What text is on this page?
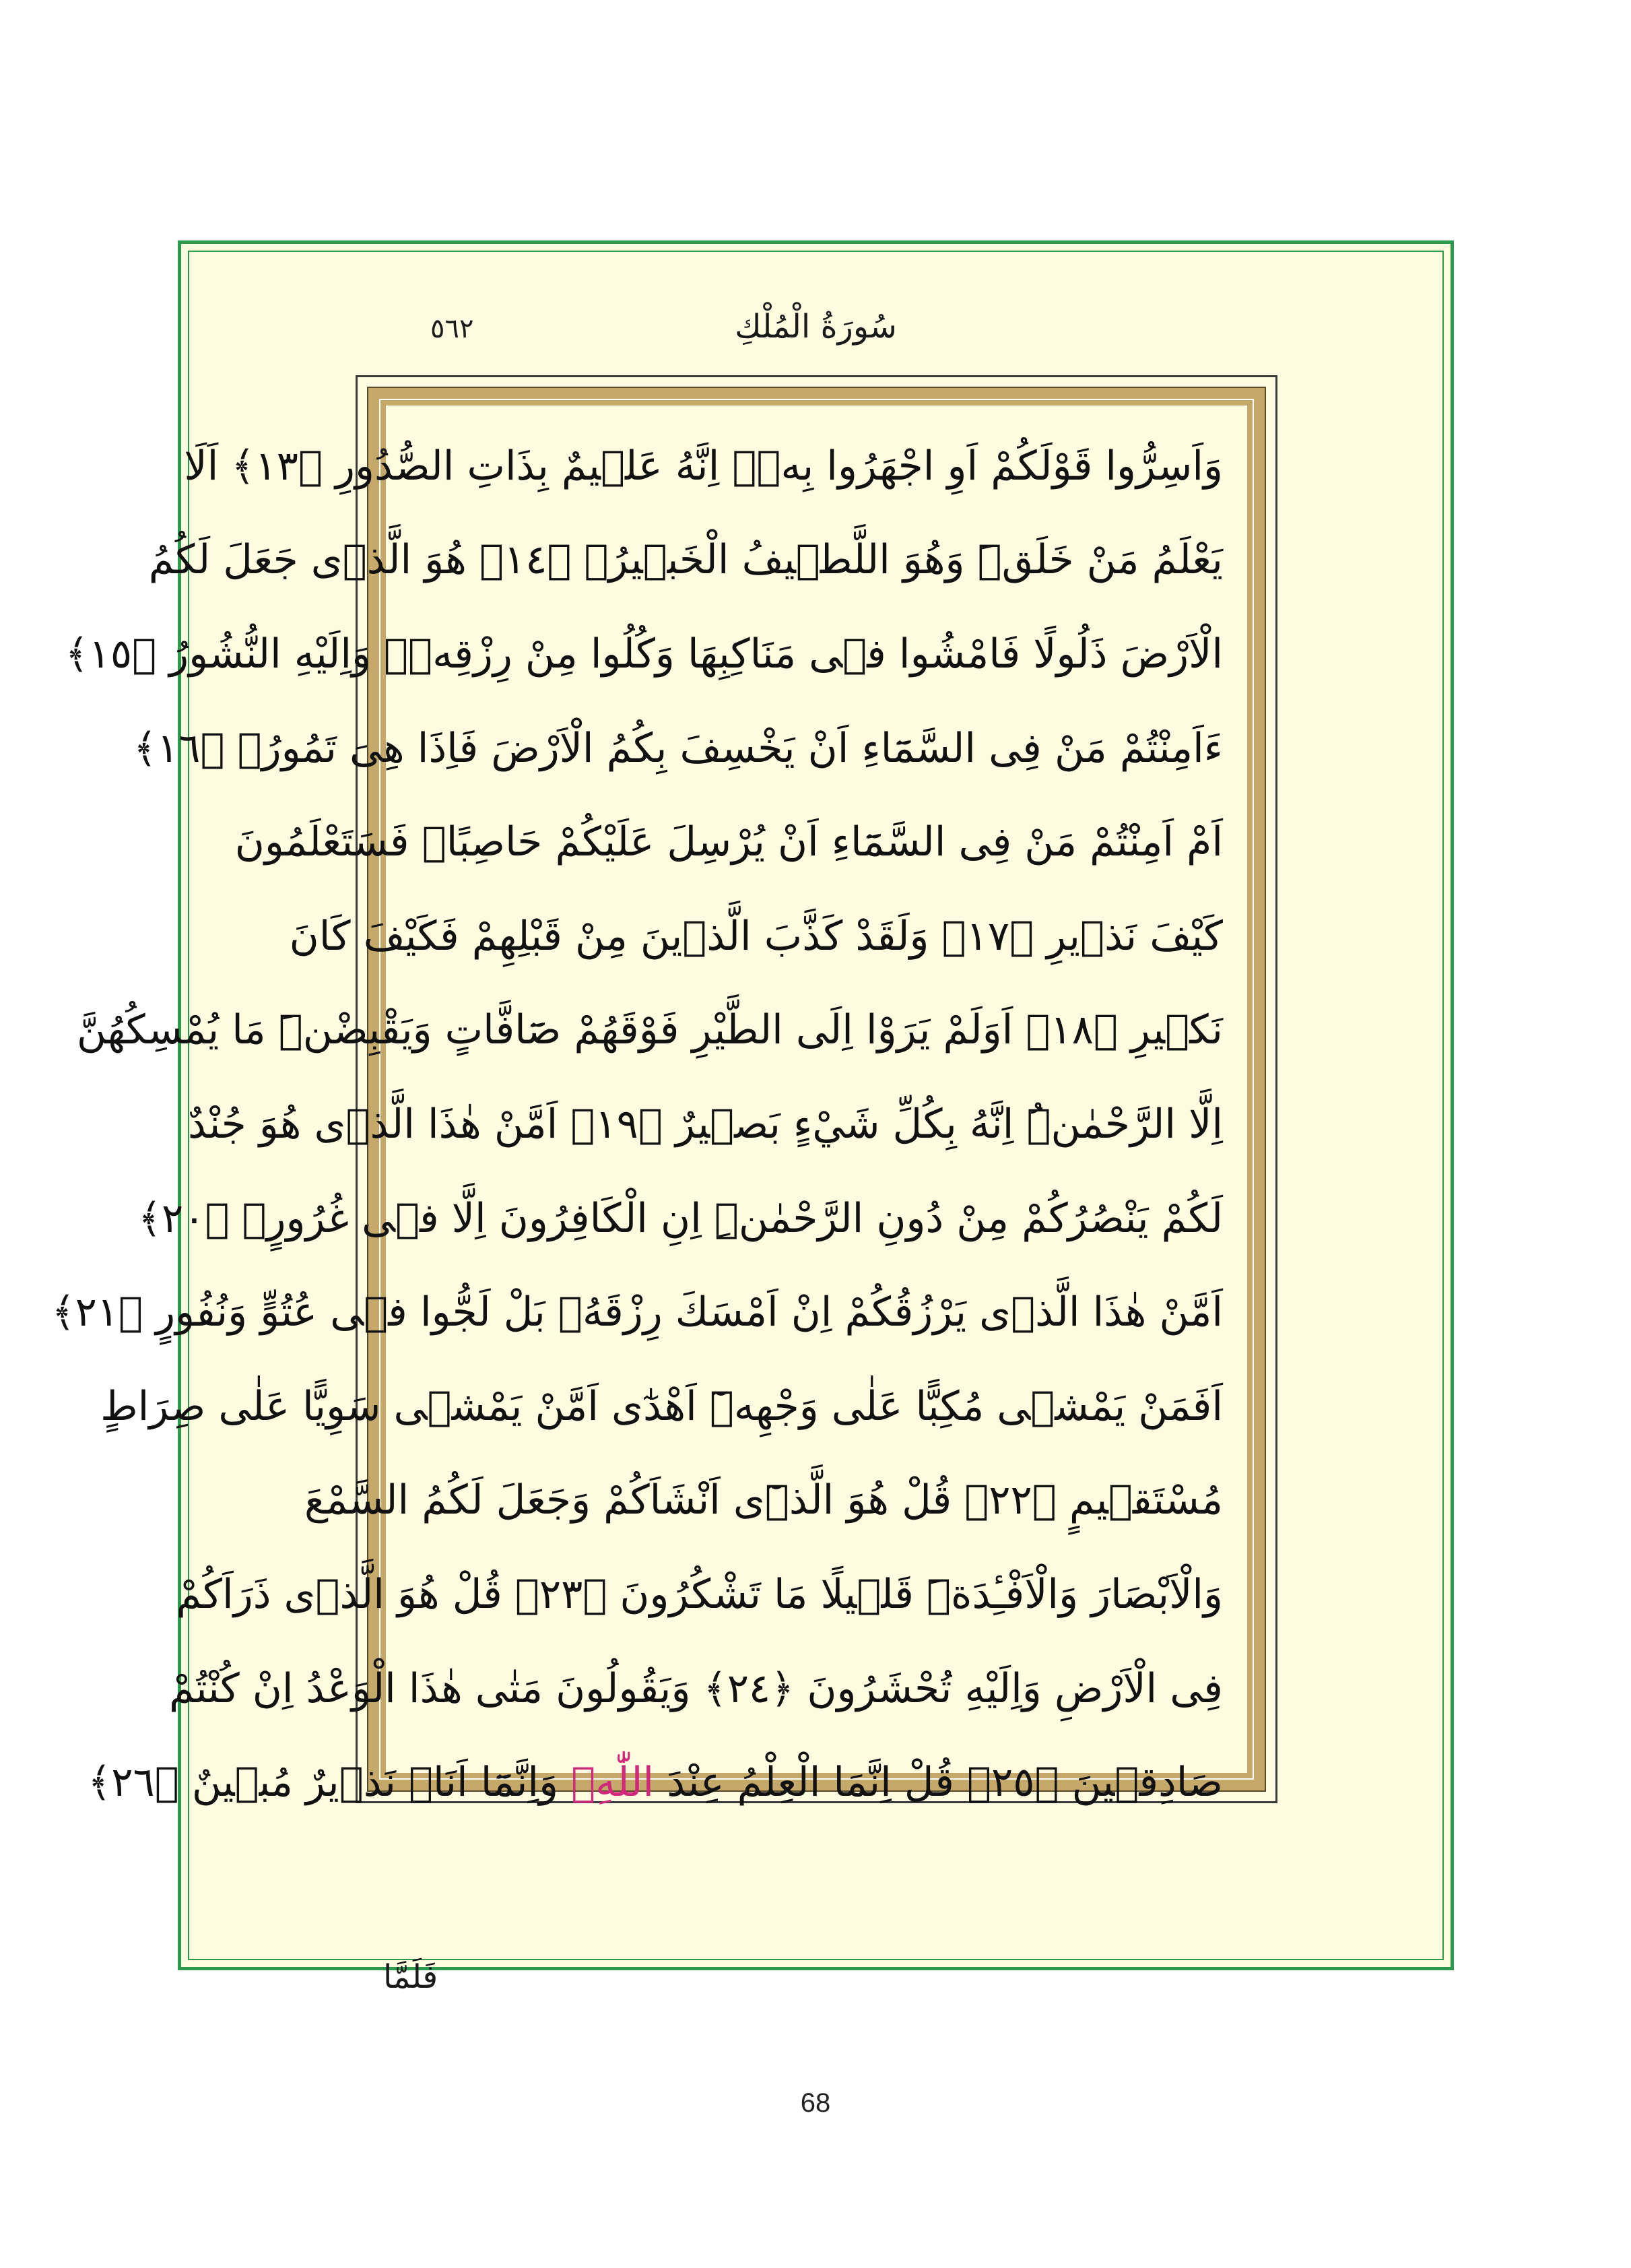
سُورَةُ الْمُلْكِ
٥٦٢
وَاَسِرُّوا قَوْلَكُمْ اَوِ اجْهَرُوا بِهٖۜ اِنَّهُ عَلٖيمٌ بِذَاتِ الصُّدُورِ ﴿١٣﴾ اَلَا
يَعْلَمُ مَنْ خَلَقَۜ وَهُوَ اللَّطٖيفُ الْخَبٖيرُ۟ ﴿١٤﴾ هُوَ الَّذٖى جَعَلَ لَكُمُ
الْاَرْضَ ذَلُولًا فَامْشُوا فٖى مَنَاكِبِهَا وَكُلُوا مِنْ رِزْقِهٖۜ وَاِلَيْهِ النُّشُورُ ﴿١٥﴾
ءَاَمِنْتُمْ مَنْ فِى السَّمَٓاءِ اَنْ يَخْسِفَ بِكُمُ الْاَرْضَ فَاِذَا هِىَ تَمُورُۙ ﴿١٦﴾
اَمْ اَمِنْتُمْ مَنْ فِى السَّمَٓاءِ اَنْ يُرْسِلَ عَلَيْكُمْ حَاصِبًاۜ فَسَتَعْلَمُونَ
كَيْفَ نَذٖيرِ ﴿١٧﴾ وَلَقَدْ كَذَّبَ الَّذٖينَ مِنْ قَبْلِهِمْ فَكَيْفَ كَانَ
نَكٖيرِ ﴿١٨﴾ اَوَلَمْ يَرَوْا اِلَى الطَّيْرِ فَوْقَهُمْ صَٓافَّاتٍ وَيَقْبِضْنَۜ مَا يُمْسِكُهُنَّ
اِلَّا الرَّحْمٰنُۜ اِنَّهُ بِكُلِّ شَيْءٍ بَصٖيرٌ ﴿١٩﴾ اَمَّنْ هٰذَا الَّذٖى هُوَ جُنْدٌ
لَكُمْ يَنْصُرُكُمْ مِنْ دُونِ الرَّحْمٰنِۜ اِنِ الْكَافِرُونَ اِلَّا فٖى غُرُورٍۚ ﴿٢٠﴾
اَمَّنْ هٰذَا الَّذٖى يَرْزُقُكُمْ اِنْ اَمْسَكَ رِزْقَهُۚ بَلْ لَجُّوا فٖى عُتُوٍّ وَنُفُورٍ ﴿٢١﴾
اَفَمَنْ يَمْشٖى مُكِبًّا عَلٰى وَجْهِهٖٓ اَهْدٰٓى اَمَّنْ يَمْشٖى سَوِيًّا عَلٰى صِرَاطٍ
مُسْتَقٖيمٍ ﴿٢٢﴾ قُلْ هُوَ الَّذٖٓى اَنْشَاَكُمْ وَجَعَلَ لَكُمُ السَّمْعَ
وَالْاَبْصَارَ وَالْاَفْـِٔدَةَۜ قَلٖيلًا مَا تَشْكُرُونَ ﴿٢٣﴾ قُلْ هُوَ الَّذٖى ذَرَاَكُمْ
فِى الْاَرْضِ وَاِلَيْهِ تُحْشَرُونَ ﴿٢٤﴾ وَيَقُولُونَ مَتٰى هٰذَا الْوَعْدُ اِنْ كُنْتُمْ
صَادِقٖينَ ﴿٢٥﴾ قُلْ اِنَّمَا الْعِلْمُ عِنْدَ اللّٰهِۖ وَاِنَّمَٓا اَنَا۬ نَذٖيرٌ مُبٖينٌ ﴿٢٦﴾
فَلَمَّا
68
